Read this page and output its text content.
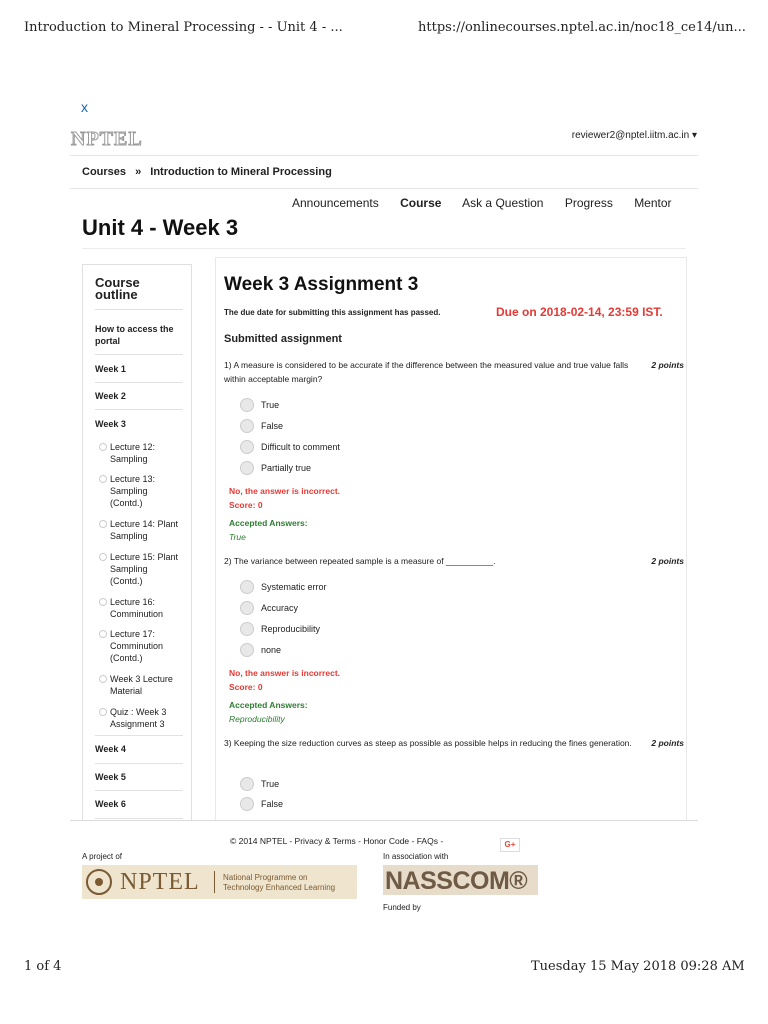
Introduction to Mineral Processing - - Unit 4 - ...	https://onlinecourses.nptel.ac.in/noc18_ce14/un...
x
NPTEL	reviewer2@nptel.iitm.ac.in ▾
Courses » Introduction to Mineral Processing
Announcements Course Ask a Question Progress Mentor
Unit 4 - Week 3
Course outline
How to access the portal
Week 1
Week 2
Week 3
Lecture 12: Sampling
Lecture 13: Sampling (Contd.)
Lecture 14: Plant Sampling
Lecture 15: Plant Sampling (Contd.)
Lecture 16: Comminution
Lecture 17: Comminution (Contd.)
Week 3 Lecture Material
Quiz : Week 3 Assignment 3
Week 4
Week 5
Week 6
Week 3 Assignment 3
The due date for submitting this assignment has passed.	Due on 2018-02-14, 23:59 IST.
Submitted assignment
1) A measure is considered to be accurate if the difference between the measured value and true value falls within acceptable margin?
2 points
True
False
Difficult to comment
Partially true
No, the answer is incorrect.
Score: 0
Accepted Answers:
True
2) The variance between repeated sample is a measure of __________.	2 points
Systematic error
Accuracy
Reproducibility
none
No, the answer is incorrect.
Score: 0
Accepted Answers:
Reproducibility
3) Keeping the size reduction curves as steep as possible as possible helps in reducing the fines generation.	2 points
True
False
© 2014 NPTEL - Privacy & Terms - Honor Code - FAQs -	G+
A project of	In association with
NPTEL	National Programme on Technology Enhanced Learning	NASSCOM®
Funded by
1 of 4	Tuesday 15 May 2018 09:28 AM
